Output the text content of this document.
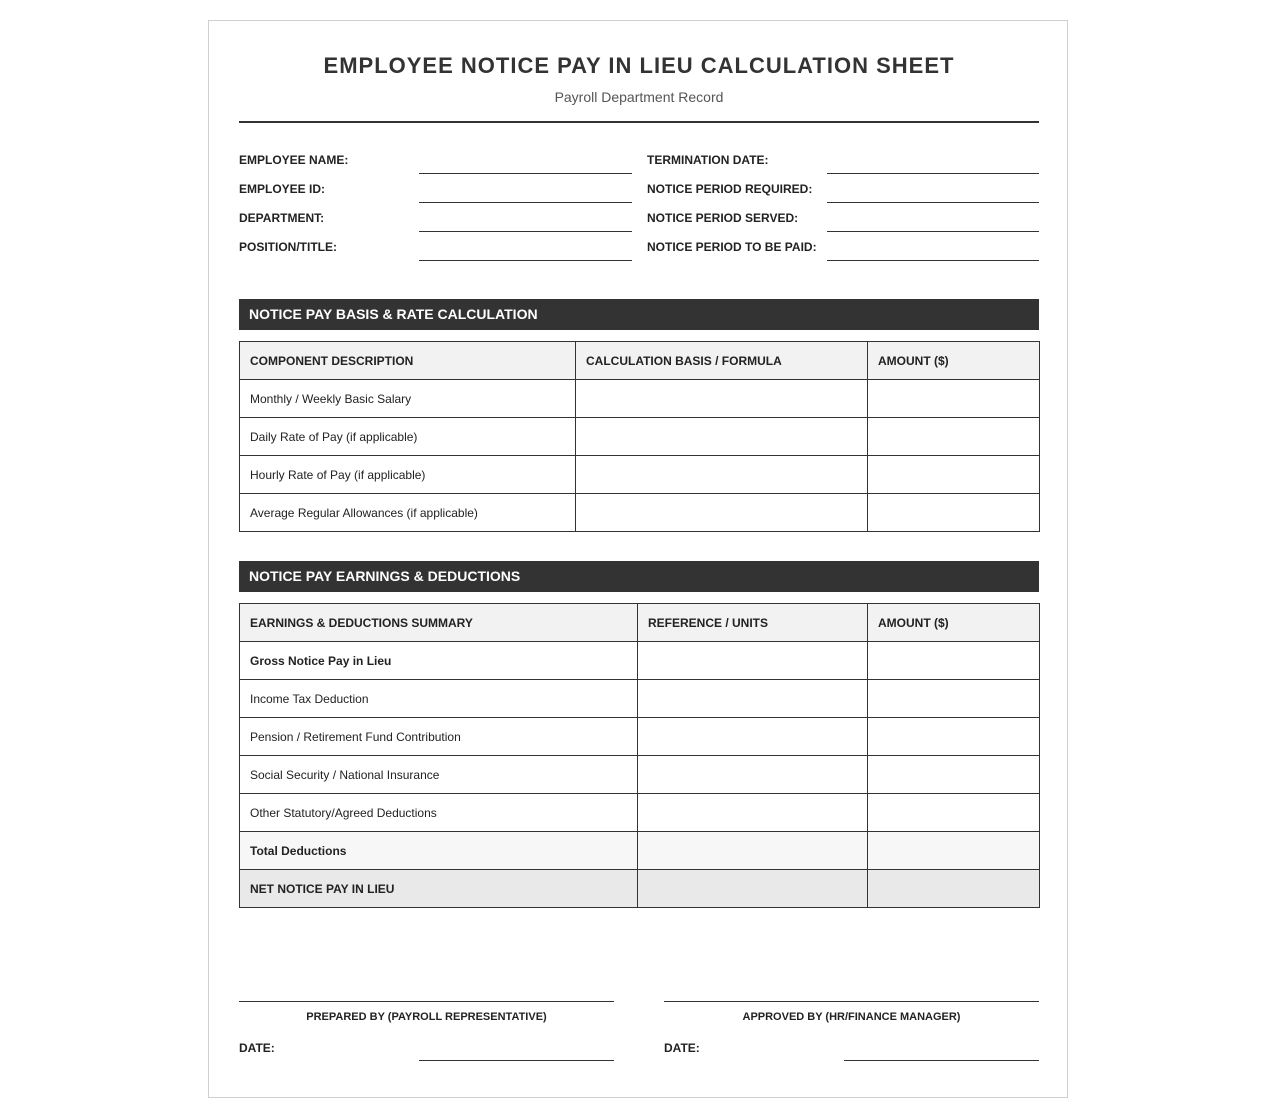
EMPLOYEE NOTICE PAY IN LIEU CALCULATION SHEET
Payroll Department Record
EMPLOYEE NAME:	TERMINATION DATE:
EMPLOYEE ID:	NOTICE PERIOD REQUIRED:
DEPARTMENT:	NOTICE PERIOD SERVED:
POSITION/TITLE:	NOTICE PERIOD TO BE PAID:
NOTICE PAY BASIS & RATE CALCULATION
COMPONENT DESCRIPTION	CALCULATION BASIS / FORMULA	AMOUNT ($)
Monthly / Weekly Basic Salary		
Daily Rate of Pay (if applicable)		
Hourly Rate of Pay (if applicable)		
Average Regular Allowances (if applicable)		
NOTICE PAY EARNINGS & DEDUCTIONS
EARNINGS & DEDUCTIONS SUMMARY	REFERENCE / UNITS	AMOUNT ($)
Gross Notice Pay in Lieu		
Income Tax Deduction		
Pension / Retirement Fund Contribution		
Social Security / National Insurance		
Other Statutory/Agreed Deductions		
Total Deductions		
NET NOTICE PAY IN LIEU		
PREPARED BY (PAYROLL REPRESENTATIVE)
DATE:
APPROVED BY (HR/FINANCE MANAGER)
DATE:
